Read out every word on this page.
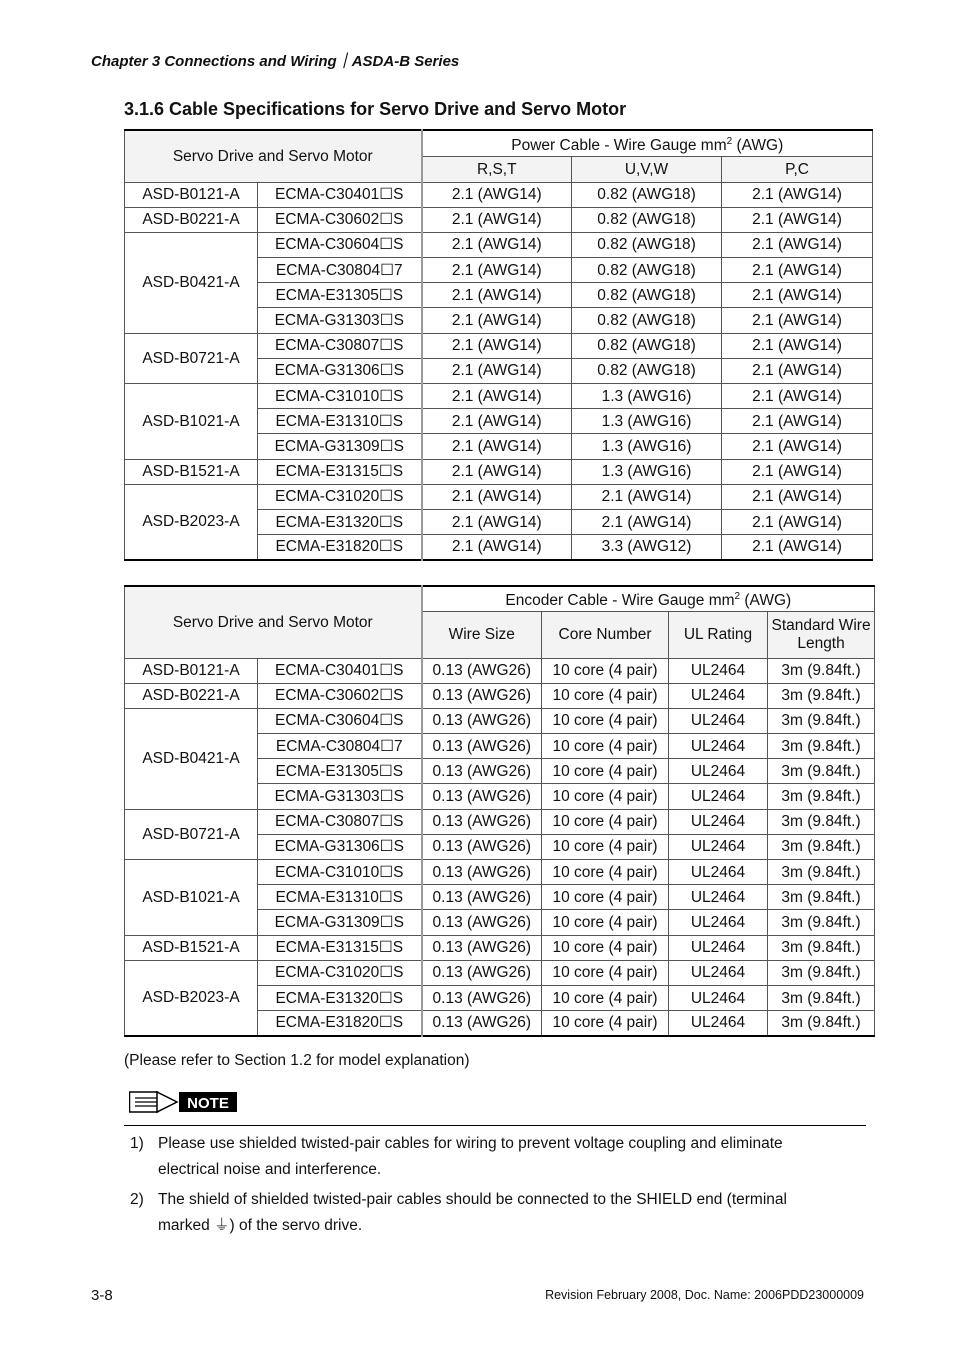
Chapter 3 Connections and Wiring｜ASDA-B Series
3.1.6 Cable Specifications for Servo Drive and Servo Motor
Servo Drive and Servo Motor		Power Cable - Wire Gauge $mm^2$ (AWG)		
		R,S,T	U,V,W	P,C
ASD-B0121-A	ECMA-C30401☐S	2.1 (AWG14)	0.82 (AWG18)	2.1 (AWG14)
ASD-B0221-A	ECMA-C30602☐S	2.1 (AWG14)	0.82 (AWG18)	2.1 (AWG14)
ASD-B0421-A	ECMA-C30604☐S	2.1 (AWG14)	0.82 (AWG18)	2.1 (AWG14)
	ECMA-C30804☐7	2.1 (AWG14)	0.82 (AWG18)	2.1 (AWG14)
	ECMA-E31305☐S	2.1 (AWG14)	0.82 (AWG18)	2.1 (AWG14)
	ECMA-G31303☐S	2.1 (AWG14)	0.82 (AWG18)	2.1 (AWG14)
ASD-B0721-A	ECMA-C30807☐S	2.1 (AWG14)	0.82 (AWG18)	2.1 (AWG14)
	ECMA-G31306☐S	2.1 (AWG14)	0.82 (AWG18)	2.1 (AWG14)
ASD-B1021-A	ECMA-C31010☐S	2.1 (AWG14)	1.3 (AWG16)	2.1 (AWG14)
	ECMA-E31310☐S	2.1 (AWG14)	1.3 (AWG16)	2.1 (AWG14)
	ECMA-G31309☐S	2.1 (AWG14)	1.3 (AWG16)	2.1 (AWG14)
ASD-B1521-A	ECMA-E31315☐S	2.1 (AWG14)	1.3 (AWG16)	2.1 (AWG14)
ASD-B2023-A	ECMA-C31020☐S	2.1 (AWG14)	2.1 (AWG14)	2.1 (AWG14)
	ECMA-E31320☐S	2.1 (AWG14)	2.1 (AWG14)	2.1 (AWG14)
	ECMA-E31820☐S	2.1 (AWG14)	3.3 (AWG12)	2.1 (AWG14)
Servo Drive and Servo Motor		Encoder Cable - Wire Gauge $mm^2$ (AWG)			
		Wire Size	Core Number	UL Rating	Standard Wire Length
ASD-B0121-A	ECMA-C30401☐S	0.13 (AWG26)	10 core (4 pair)	UL2464	3m (9.84ft.)
ASD-B0221-A	ECMA-C30602☐S	0.13 (AWG26)	10 core (4 pair)	UL2464	3m (9.84ft.)
ASD-B0421-A	ECMA-C30604☐S	0.13 (AWG26)	10 core (4 pair)	UL2464	3m (9.84ft.)
	ECMA-C30804☐7	0.13 (AWG26)	10 core (4 pair)	UL2464	3m (9.84ft.)
	ECMA-E31305☐S	0.13 (AWG26)	10 core (4 pair)	UL2464	3m (9.84ft.)
	ECMA-G31303☐S	0.13 (AWG26)	10 core (4 pair)	UL2464	3m (9.84ft.)
ASD-B0721-A	ECMA-C30807☐S	0.13 (AWG26)	10 core (4 pair)	UL2464	3m (9.84ft.)
	ECMA-G31306☐S	0.13 (AWG26)	10 core (4 pair)	UL2464	3m (9.84ft.)
ASD-B1021-A	ECMA-C31010☐S	0.13 (AWG26)	10 core (4 pair)	UL2464	3m (9.84ft.)
	ECMA-E31310☐S	0.13 (AWG26)	10 core (4 pair)	UL2464	3m (9.84ft.)
	ECMA-G31309☐S	0.13 (AWG26)	10 core (4 pair)	UL2464	3m (9.84ft.)
ASD-B1521-A	ECMA-E31315☐S	0.13 (AWG26)	10 core (4 pair)	UL2464	3m (9.84ft.)
ASD-B2023-A	ECMA-C31020☐S	0.13 (AWG26)	10 core (4 pair)	UL2464	3m (9.84ft.)
	ECMA-E31320☐S	0.13 (AWG26)	10 core (4 pair)	UL2464	3m (9.84ft.)
	ECMA-E31820☐S	0.13 (AWG26)	10 core (4 pair)	UL2464	3m (9.84ft.)
(Please refer to Section 1.2 for model explanation)
NOTE
1) Please use shielded twisted-pair cables for wiring to prevent voltage coupling and eliminate
electrical noise and interference.
2) The shield of shielded twisted-pair cables should be connected to the SHIELD end (terminal
marked ⏚) of the servo drive.
3-8	Revision February 2008, Doc. Name: 2006PDD23000009
